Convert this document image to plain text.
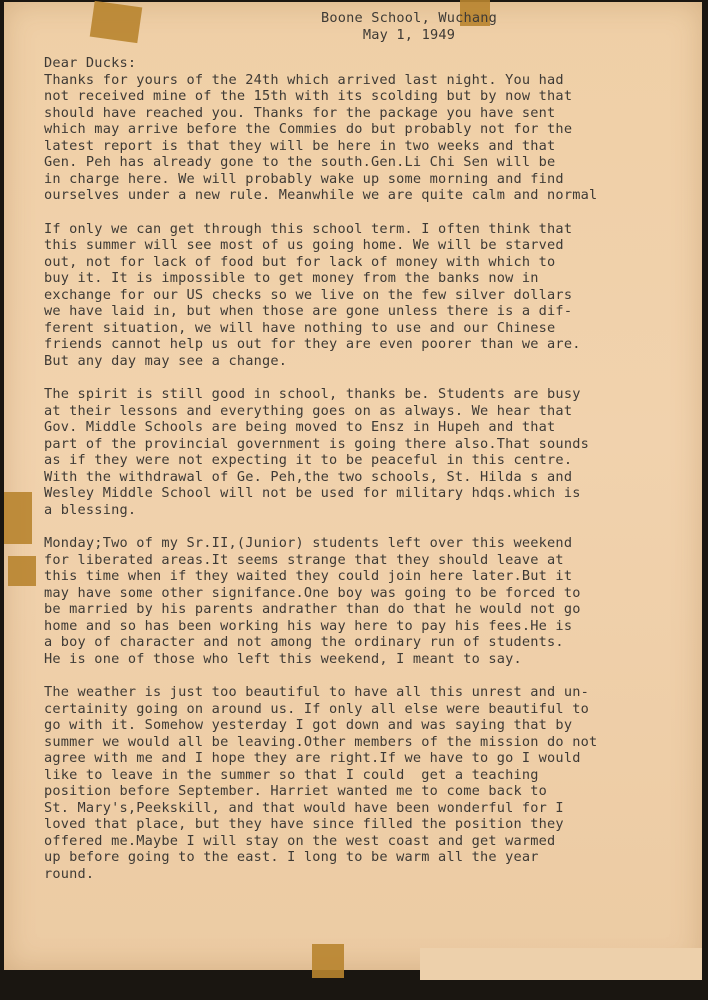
Boone School, Wuchang
May 1, 1949
Dear Ducks:
Thanks for yours of the 24th which arrived last night. You had
not received mine of the 15th with its scolding but by now that
should have reached you. Thanks for the package you have sent
which may arrive before the Commies do but probably not for the
latest report is that they will be here in two weeks and that
Gen. Peh has already gone to the south.Gen.Li Chi Sen will be
in charge here. We will probably wake up some morning and find
ourselves under a new rule. Meanwhile we are quite calm and normal
If only we can get through this school term. I often think that
this summer will see most of us going home. We will be starved
out, not for lack of food but for lack of money with which to
buy it. It is impossible to get money from the banks now in
exchange for our US checks so we live on the few silver dollars
we have laid in, but when those are gone unless there is a dif-
ferent situation, we will have nothing to use and our Chinese
friends cannot help us out for they are even poorer than we are.
But any day may see a change.
The spirit is still good in school, thanks be. Students are busy
at their lessons and everything goes on as always. We hear that
Gov. Middle Schools are being moved to Ensz in Hupeh and that
part of the provincial government is going there also.That sounds
as if they were not expecting it to be peaceful in this centre.
With the withdrawal of Ge. Peh,the two schools, St. Hilda s and
Wesley Middle School will not be used for military hdqs.which is
a blessing.
Monday;Two of my Sr.II,(Junior) students left over this weekend
for liberated areas.It seems strange that they should leave at
this time when if they waited they could join here later.But it
may have some other signifance.One boy was going to be forced to
be married by his parents andrather than do that he would not go
home and so has been working his way here to pay his fees.He is
a boy of character and not among the ordinary run of students.
He is one of those who left this weekend, I meant to say.
The weather is just too beautiful to have all this unrest and un-
certainity going on around us. If only all else were beautiful to
go with it. Somehow yesterday I got down and was saying that by
summer we would all be leaving.Other members of the mission do not
agree with me and I hope they are right.If we have to go I would
like to leave in the summer so that I could  get a teaching
position before September. Harriet wanted me to come back to
St. Mary's,Peekskill, and that would have been wonderful for I
loved that place, but they have since filled the position they
offered me.Maybe I will stay on the west coast and get warmed
up before going to the east. I long to be warm all the year
round.
